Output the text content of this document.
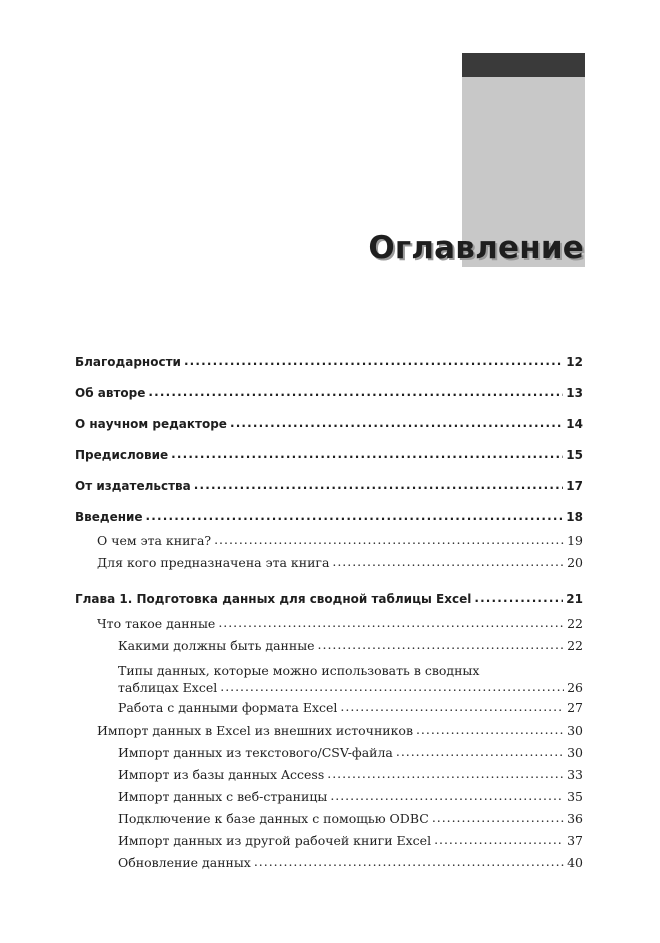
Оглавление
Благодарности . . .	12
Об авторе . . .	13
О научном редакторе . . .	14
Предисловие . . .	15
От издательства . . .	17
Введение . . .	18
О чем эта книга? . . .	19
Для кого предназначена эта книга . . .	20
Глава 1. Подготовка данных для сводной таблицы Excel . . .	21
Что такое данные . . .	22
Какими должны быть данные . . .	22
Типы данных, которые можно использовать в сводных
таблицах Excel . . .	26
Работа с данными формата Excel . . .	27
Импорт данных в Excel из внешних источников . . .	30
Импорт данных из текстового/CSV-файла . . .	30
Импорт из базы данных Access . . .	33
Импорт данных с веб-страницы . . .	35
Подключение к базе данных с помощью ODBC . . .	36
Импорт данных из другой рабочей книги Excel . . .	37
Обновление данных . . .	40
